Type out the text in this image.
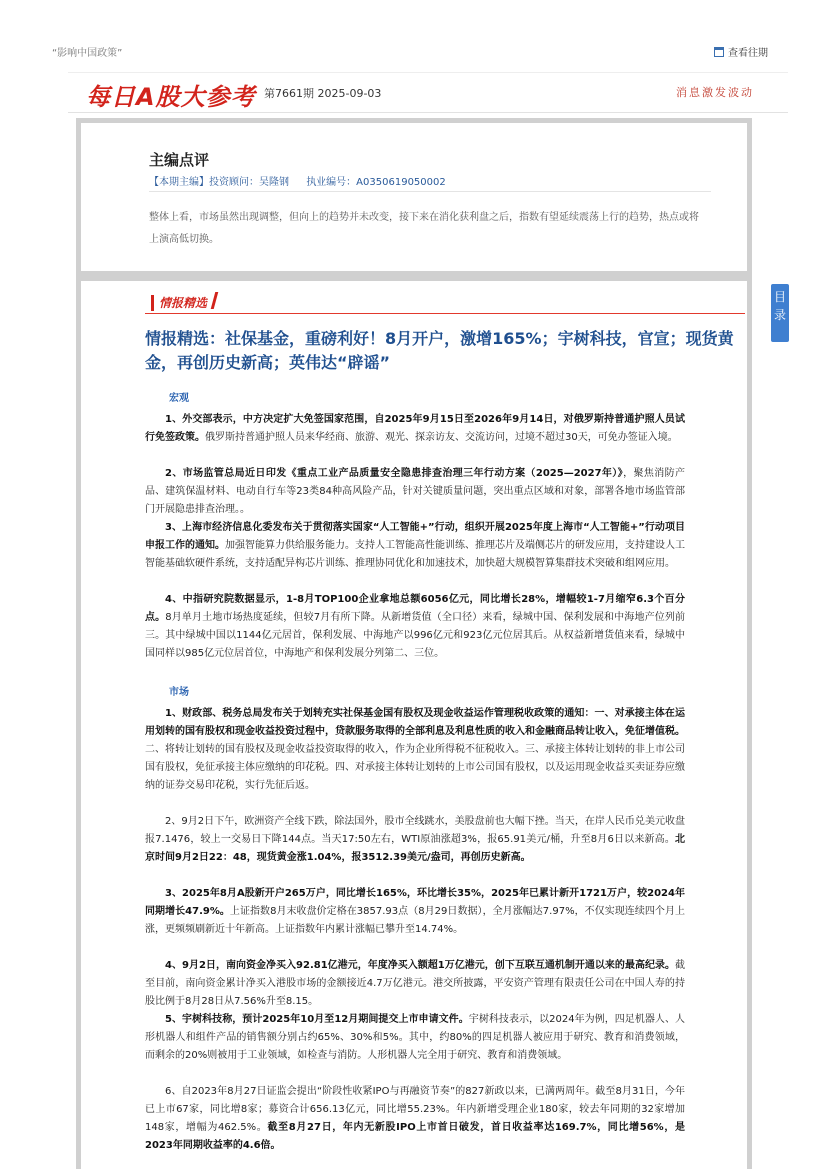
“影响中国政策”	查看往期
每日A股大参考 第7661期 2025-09-03	消息激发波动
主编点评
【本期主编】投资顾问：吴隆钢 执业编号：A0350619050002
整体上看，市场虽然出现调整，但向上的趋势并未改变，接下来在消化获利盘之后，指数有望延续震荡上行的趋势，热点或将上演高低切换。
目
录
情报精选
情报精选：社保基金，重磅利好！8月开户，激增165%；宇树科技，官宣；现货黄金，再创历史新高；英伟达“辟谣”
宏观
1、外交部表示，中方决定扩大免签国家范围，自2025年9月15日至2026年9月14日，对俄罗斯持普通护照人员试行免签政策。俄罗斯持普通护照人员来华经商、旅游、观光、探亲访友、交流访问，过境不超过30天，可免办签证入境。
2、市场监管总局近日印发《重点工业产品质量安全隐患排查治理三年行动方案（2025—2027年）》，聚焦消防产品、建筑保温材料、电动自行车等23类84种高风险产品，针对关键质量问题，突出重点区域和对象，部署各地市场监管部门开展隐患排查治理。。
3、上海市经济信息化委发布关于贯彻落实国家“人工智能+”行动，组织开展2025年度上海市“人工智能+”行动项目申报工作的通知。加强智能算力供给服务能力。支持人工智能高性能训练、推理芯片及端侧芯片的研发应用，支持建设人工智能基础软硬件系统，支持适配异构芯片训练、推理协同优化和加速技术，加快超大规模智算集群技术突破和组网应用。
4、中指研究院数据显示，1-8月TOP100企业拿地总额6056亿元，同比增长28%，增幅较1-7月缩窄6.3个百分点。8月单月土地市场热度延续，但较7月有所下降。从新增货值（全口径）来看，绿城中国、保利发展和中海地产位列前三。其中绿城中国以1144亿元居首，保利发展、中海地产以996亿元和923亿元位居其后。从权益新增货值来看，绿城中国同样以985亿元位居首位，中海地产和保利发展分列第二、三位。
市场
1、财政部、税务总局发布关于划转充实社保基金国有股权及现金收益运作管理税收政策的通知：一、对承接主体在运用划转的国有股权和现金收益投资过程中，贷款服务取得的全部利息及利息性质的收入和金融商品转让收入，免征增值税。二、将转让划转的国有股权及现金收益投资取得的收入，作为企业所得税不征税收入。三、承接主体转让划转的非上市公司国有股权，免征承接主体应缴纳的印花税。四、对承接主体转让划转的上市公司国有股权，以及运用现金收益买卖证券应缴纳的证券交易印花税，实行先征后返。
2、9月2日下午，欧洲资产全线下跌，除法国外，股市全线跳水，美股盘前也大幅下挫。当天，在岸人民币兑美元收盘报7.1476，较上一交易日下降144点。当天17:50左右，WTI原油涨超3%，报65.91美元/桶，升至8月6日以来新高。北京时间9月2日22：48，现货黄金涨1.04%，报3512.39美元/盎司，再创历史新高。
3、2025年8月A股新开户265万户，同比增长165%，环比增长35%，2025年已累计新开1721万户，较2024年同期增长47.9%。上证指数8月末收盘价定格在3857.93点（8月29日数据），全月涨幅达7.97%，不仅实现连续四个月上涨，更频频刷新近十年新高。上证指数年内累计涨幅已攀升至14.74%。
4、9月2日，南向资金净买入92.81亿港元，年度净买入额超1万亿港元，创下互联互通机制开通以来的最高纪录。截至目前，南向资金累计净买入港股市场的金额接近4.7万亿港元。港交所披露，平安资产管理有限责任公司在中国人寿的持股比例于8月28日从7.56%升至8.15。
5、宇树科技称，预计2025年10月至12月期间提交上市申请文件。宇树科技表示，以2024年为例，四足机器人、人形机器人和组件产品的销售额分别占约65%、30%和5%。其中，约80%的四足机器人被应用于研究、教育和消费领域，而剩余的20%则被用于工业领域，如检查与消防。人形机器人完全用于研究、教育和消费领域。
6、自2023年8月27日证监会提出“阶段性收紧IPO与再融资节奏”的827新政以来，已满两周年。截至8月31日，今年已上市67家，同比增8家；募资合计656.13亿元，同比增55.23%。年内新增受理企业180家，较去年同期的32家增加148家，增幅为462.5%。截至8月27日，年内无新股IPO上市首日破发，首日收益率达169.7%，同比增56%，是2023年同期收益率的4.6倍。
